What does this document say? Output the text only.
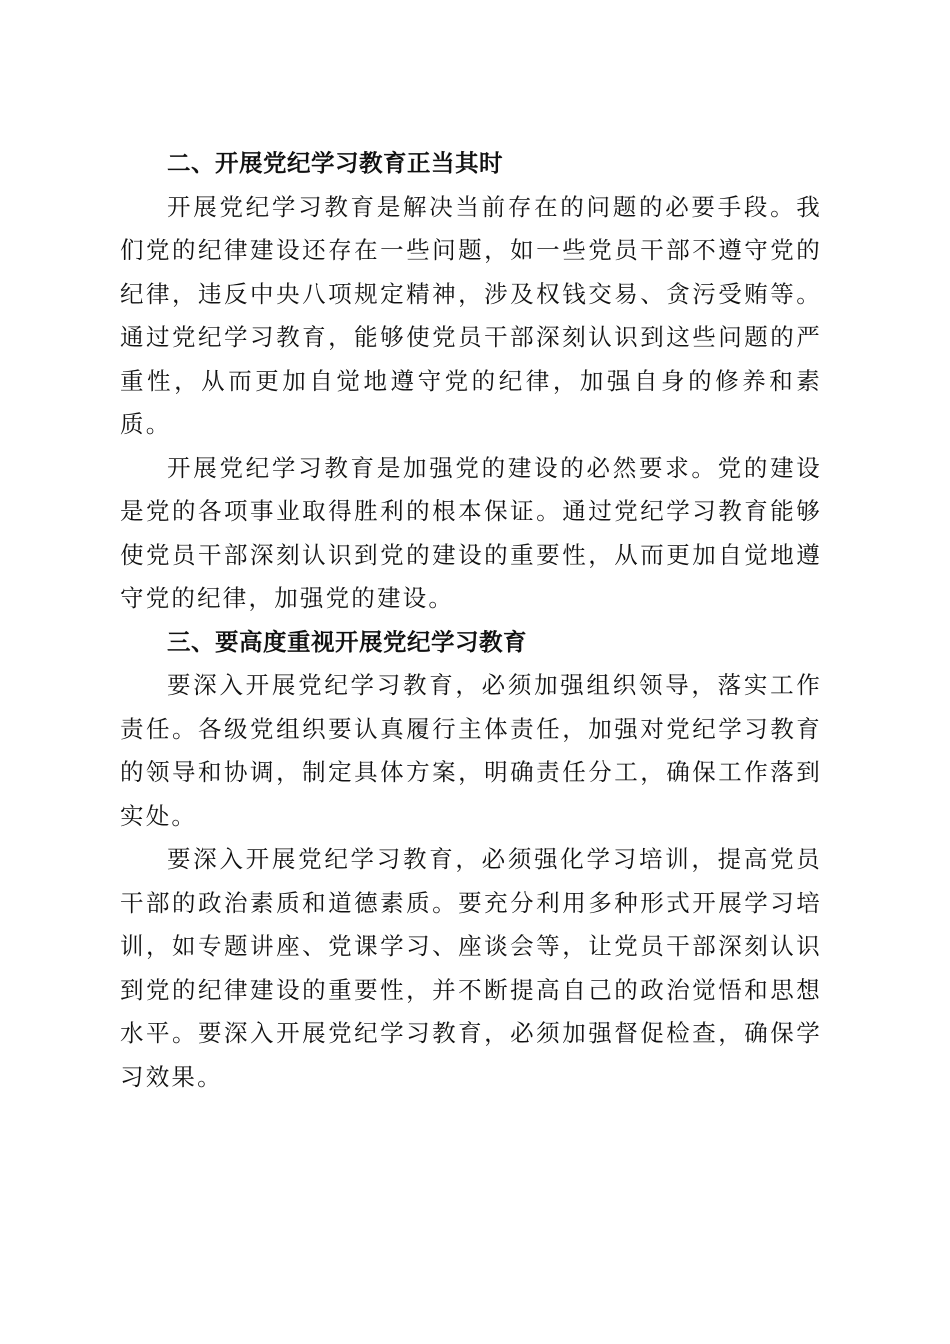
二、开展党纪学习教育正当其时

开展党纪学习教育是解决当前存在的问题的必要手段。我们党的纪律建设还存在一些问题，如一些党员干部不遵守党的纪律，违反中央八项规定精神，涉及权钱交易、贪污受贿等。通过党纪学习教育，能够使党员干部深刻认识到这些问题的严重性，从而更加自觉地遵守党的纪律，加强自身的修养和素质。

开展党纪学习教育是加强党的建设的必然要求。党的建设是党的各项事业取得胜利的根本保证。通过党纪学习教育能够使党员干部深刻认识到党的建设的重要性，从而更加自觉地遵守党的纪律，加强党的建设。

三、要高度重视开展党纪学习教育

要深入开展党纪学习教育，必须加强组织领导，落实工作责任。各级党组织要认真履行主体责任，加强对党纪学习教育的领导和协调，制定具体方案，明确责任分工，确保工作落到实处。

要深入开展党纪学习教育，必须强化学习培训，提高党员干部的政治素质和道德素质。要充分利用多种形式开展学习培训，如专题讲座、党课学习、座谈会等，让党员干部深刻认识到党的纪律建设的重要性，并不断提高自己的政治觉悟和思想水平。要深入开展党纪学习教育，必须加强督促检查，确保学习效果。
